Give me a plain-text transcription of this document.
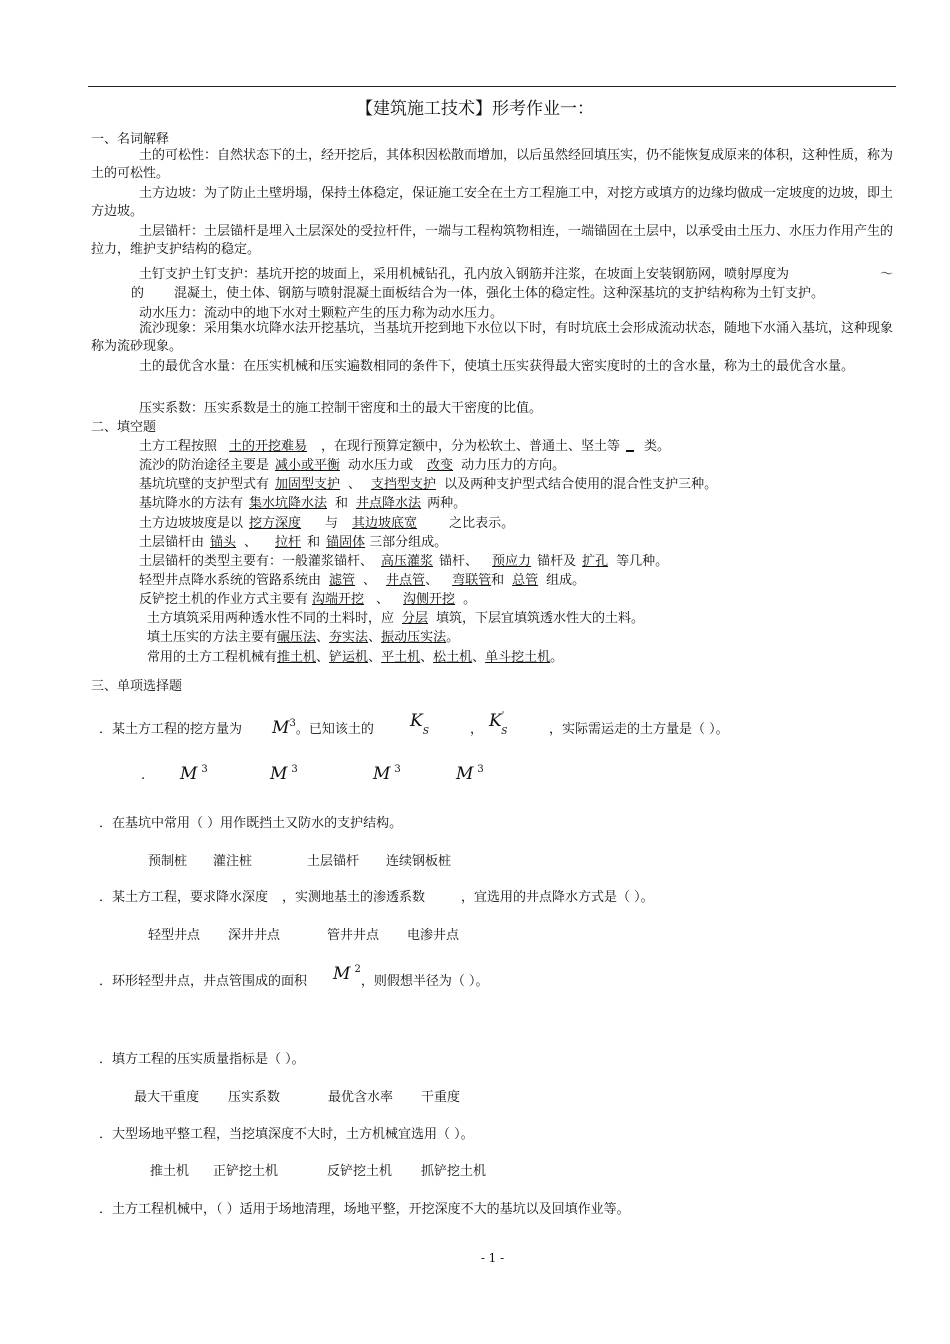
【建筑施工技术】形考作业一：
一、名词解释
土的可松性：自然状态下的土，经开挖后，其体积因松散而增加，以后虽然经回填压实，仍不能恢复成原来的体积，这种性质，称为土的可松性。
土方边坡：为了防止土壁坍塌，保持土体稳定，保证施工安全在土方工程施工中，对挖方或填方的边缘均做成一定坡度的边坡，即土方边坡。
土层锚杆：土层锚杆是埋入土层深处的受拉杆件，一端与工程构筑物相连，一端锚固在土层中，以承受由土压力、水压力作用产生的拉力，维护支护结构的稳定。
土钉支护土钉支护：基坑开挖的坡面上，采用机械钻孔，孔内放入钢筋并注浆，在坡面上安装钢筋网，喷射厚度为	～
的 混凝土，使土体、钢筋与喷射混凝土面板结合为一体，强化土体的稳定性。这种深基坑的支护结构称为土钉支护。
动水压力：流动中的地下水对土颗粒产生的压力称为动水压力。
流沙现象：采用集水坑降水法开挖基坑，当基坑开挖到地下水位以下时，有时坑底土会形成流动状态，随地下水涌入基坑，这种现象称为流砂现象。
土的最优含水量：在压实机械和压实遍数相同的条件下，使填土压实获得最大密实度时的土的含水量，称为土的最优含水量。
压实系数：压实系数是土的施工控制干密度和土的最大干密度的比值。
二、填空题
土方工程按照 土的开挖难易 ，在现行预算定额中，分为松软土、普通土、坚土等 类。
流沙的防治途径主要是 减小或平衡 动水压力或 改变 动力压力的方向。
基坑坑壁的支护型式有 加固型支护 、 支挡型支护 以及两种支护型式结合使用的混合性支护三种。
基坑降水的方法有 集水坑降水法 和 井点降水法 两种。
土方边坡坡度是以 挖方深度 与 其边坡底宽 之比表示。
土层锚杆由 锚头 、 拉杆 和 锚固体 三部分组成。
土层锚杆的类型主要有：一般灌浆锚杆、 高压灌浆 锚杆、 预应力 锚杆及 扩孔 等几种。
轻型井点降水系统的管路系统由 滤管 、 井点管、 弯联管和 总管 组成。
反铲挖土机的作业方式主要有 沟端开挖 、 沟侧开挖 。
土方填筑采用两种透水性不同的土料时，应 分层 填筑，下层宜填筑透水性大的土料。
填土压实的方法主要有碾压法、夯实法、振动压实法。
常用的土方工程机械有推土机、铲运机、平土机、松土机、单斗挖土机。
三、单项选择题
．某土方工程的挖方量为 $M^3$。已知该土的 $K_S$	， $K'_S$	，实际需运走的土方量是（ ）。
. M $^3$	M $^3$	M $^3$	M $^3$
．在基坑中常用（ ）用作既挡土又防水的支护结构。
预制桩 灌注桩	土层锚杆 连续钢板桩
．某土方工程，要求降水深度 ，实测地基土的渗透系数	，宜选用的井点降水方式是（ ）。
轻型井点 深井井点	管井井点 电渗井点
．环形轻型井点，井点管围成的面积 M $^2$，则假想半径为（ ）。
．填方工程的压实质量指标是（ ）。
最大干重度 压实系数	最优含水率 干重度
．大型场地平整工程，当挖填深度不大时，土方机械宜选用（ ）。
推土机 正铲挖土机	反铲挖土机 抓铲挖土机
．土方工程机械中，（ ）适用于场地清理，场地平整，开挖深度不大的基坑以及回填作业等。
- 1 -
